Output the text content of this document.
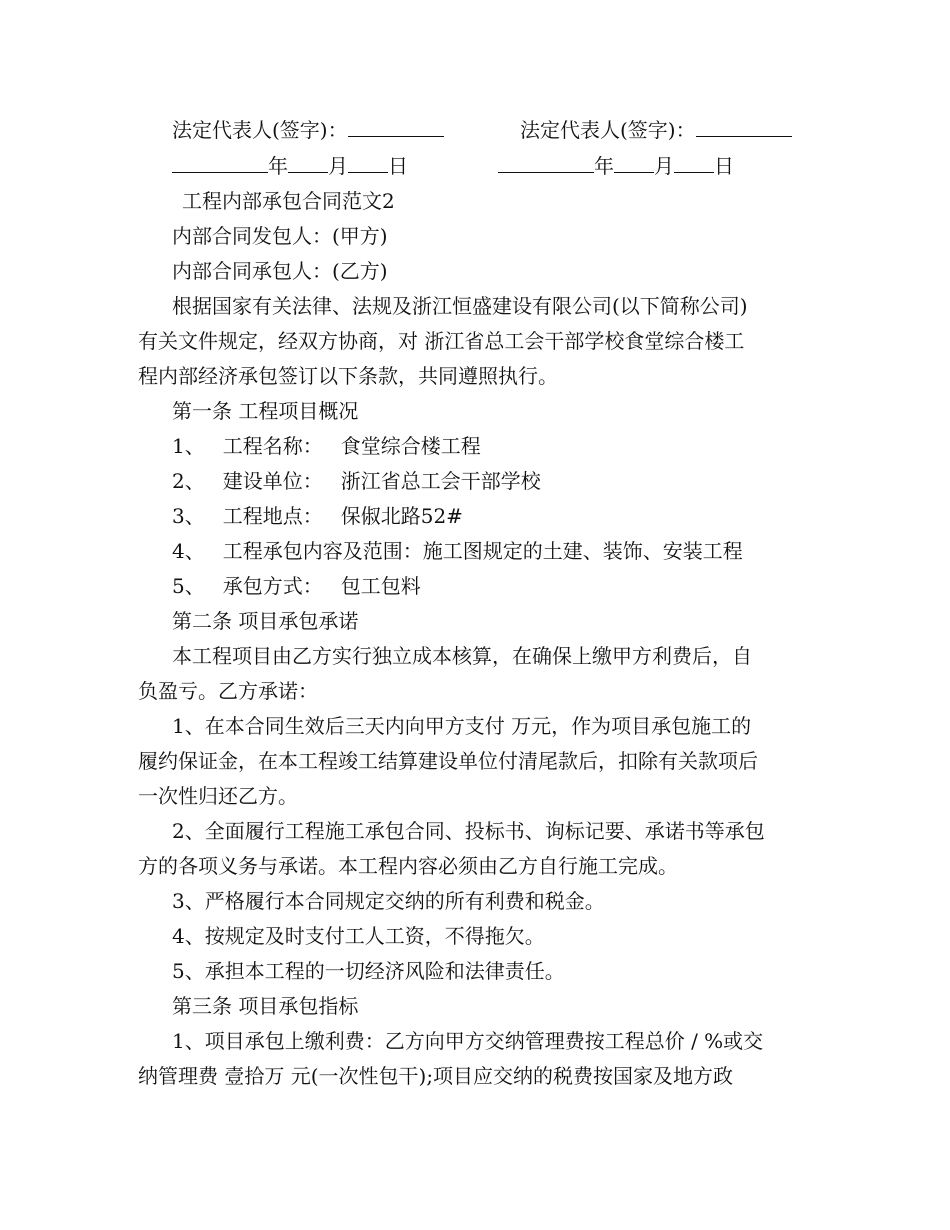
法定代表人(签字)：	法定代表人(签字)：
年 月 日	年 月 日
工程内部承包合同范文2
内部合同发包人：(甲方)
内部合同承包人：(乙方)
根据国家有关法律、法规及浙江恒盛建设有限公司(以下简称公司)
有关文件规定，经双方协商，对 浙江省总工会干部学校食堂综合楼工
程内部经济承包签订以下条款，共同遵照执行。
第一条 工程项目概况
1、 工程名称： 食堂综合楼工程
2、 建设单位： 浙江省总工会干部学校
3、 工程地点： 保俶北路52#
4、 工程承包内容及范围：施工图规定的土建、装饰、安装工程
5、 承包方式： 包工包料
第二条 项目承包承诺
本工程项目由乙方实行独立成本核算，在确保上缴甲方利费后，自
负盈亏。乙方承诺：
1、在本合同生效后三天内向甲方支付 万元，作为项目承包施工的
履约保证金，在本工程竣工结算建设单位付清尾款后，扣除有关款项后
一次性归还乙方。
2、全面履行工程施工承包合同、投标书、询标记要、承诺书等承包
方的各项义务与承诺。本工程内容必须由乙方自行施工完成。
3、严格履行本合同规定交纳的所有利费和税金。
4、按规定及时支付工人工资，不得拖欠。
5、承担本工程的一切经济风险和法律责任。
第三条 项目承包指标
1、项目承包上缴利费：乙方向甲方交纳管理费按工程总价 / %或交
纳管理费 壹拾万 元(一次性包干);项目应交纳的税费按国家及地方政
